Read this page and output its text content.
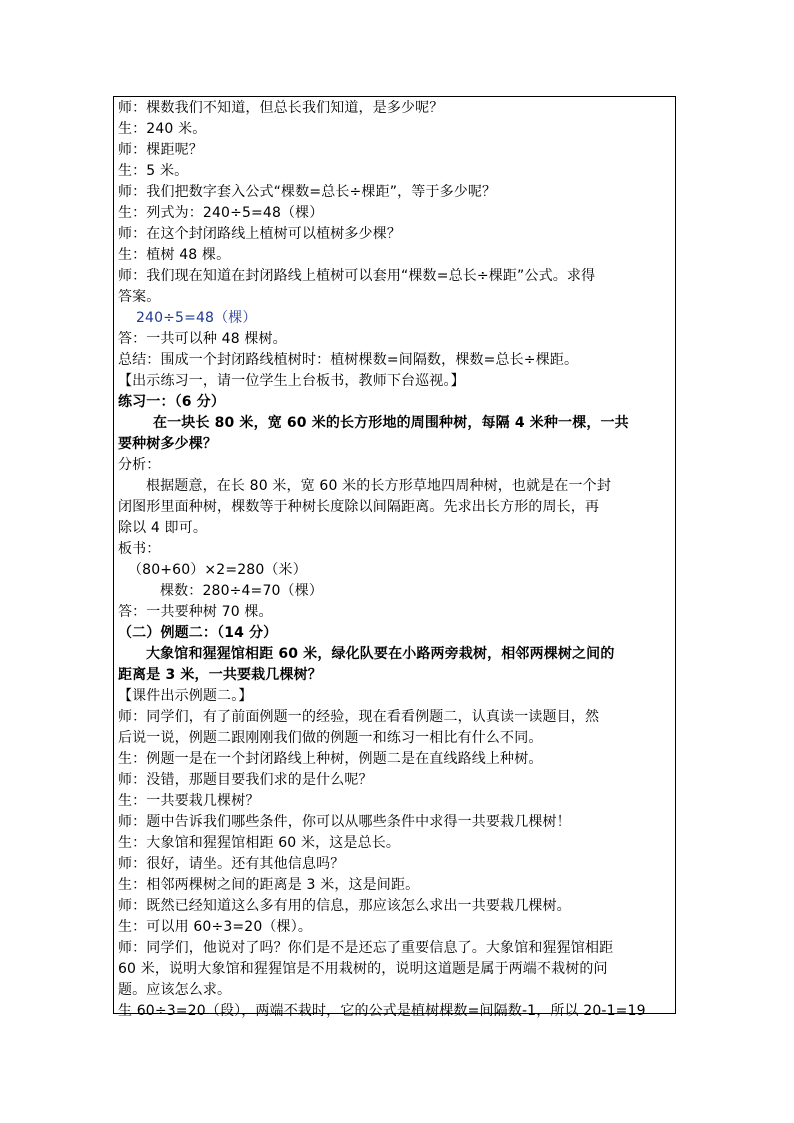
师：棵数我们不知道，但总长我们知道，是多少呢？
生：240 米。
师：棵距呢？
生：5 米。
师：我们把数字套入公式“棵数=总长÷棵距”，等于多少呢？
生：列式为：240÷5=48（棵）
师：在这个封闭路线上植树可以植树多少棵？
生：植树 48 棵。
师：我们现在知道在封闭路线上植树可以套用“棵数=总长÷棵距”公式。求得
答案。
240÷5=48（棵）
答：一共可以种 48 棵树。
总结：围成一个封闭路线植树时：植树棵数=间隔数，棵数=总长÷棵距。
【出示练习一，请一位学生上台板书，教师下台巡视。】
练习一：（6 分）
在一块长 80 米，宽 60 米的长方形地的周围种树，每隔 4 米种一棵，一共
要种树多少棵？
分析：
根据题意，在长 80 米，宽 60 米的长方形草地四周种树，也就是在一个封
闭图形里面种树，棵数等于种树长度除以间隔距离。先求出长方形的周长，再
除以 4 即可。
板书：
（80+60）×2=280（米）
棵数：280÷4=70（棵）
答：一共要种树 70 棵。
（二）例题二：（14 分）
大象馆和猩猩馆相距 60 米，绿化队要在小路两旁栽树，相邻两棵树之间的
距离是 3 米，一共要栽几棵树？
【课件出示例题二。】
师：同学们，有了前面例题一的经验，现在看看例题二，认真读一读题目，然
后说一说，例题二跟刚刚我们做的例题一和练习一相比有什么不同。
生：例题一是在一个封闭路线上种树，例题二是在直线路线上种树。
师：没错，那题目要我们求的是什么呢？
生：一共要栽几棵树？
师：题中告诉我们哪些条件，你可以从哪些条件中求得一共要栽几棵树！
生：大象馆和猩猩馆相距 60 米，这是总长。
师：很好，请坐。还有其他信息吗？
生：相邻两棵树之间的距离是 3 米，这是间距。
师：既然已经知道这么多有用的信息，那应该怎么求出一共要栽几棵树。
生：可以用 60÷3=20（棵）。
师：同学们，他说对了吗？你们是不是还忘了重要信息了。大象馆和猩猩馆相距
60 米，说明大象馆和猩猩馆是不用栽树的，说明这道题是属于两端不栽树的问
题。应该怎么求。
生 60÷3=20（段），两端不栽时，它的公式是植树棵数=间隔数-1，所以 20-1=19
